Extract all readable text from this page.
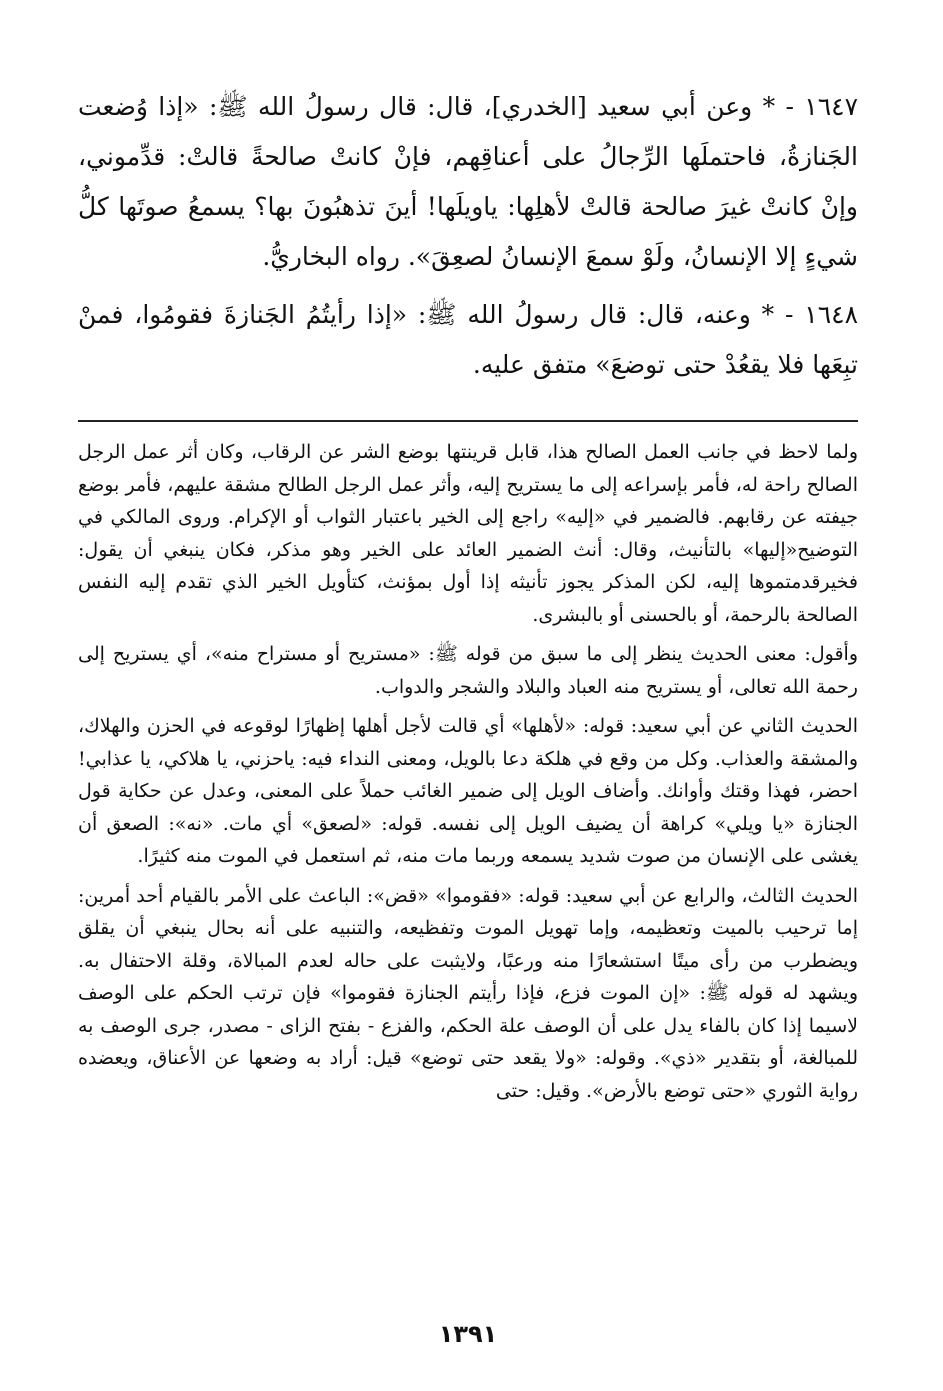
١٦٤٧ - * وعن أبي سعيد [الخدري]، قال: قال رسولُ الله ﷺ: «إذا وُضعت الجَنازةُ، فاحتملَها الرِّجالُ على أعناقِهم، فإنْ كانتْ صالحةً قالتْ: قدِّموني، وإنْ كانتْ غيرَ صالحة قالتْ لأهلِها: ياويلَها! أينَ تذهبُونَ بها؟ يسمعُ صوتَها كلُّ شيءٍ إلا الإنسانُ، ولَوْ سمعَ الإنسانُ لصعِقَ». رواه البخاريُّ.

١٦٤٨ - * وعنه، قال: قال رسولُ الله ﷺ: «إذا رأيتُمُ الجَنازةَ فقومُوا، فمنْ تبِعَها فلا يقعُدْ حتى توضعَ» متفق عليه.

ولما لاحظ في جانب العمل الصالح هذا، قابل قرينتها بوضع الشر عن الرقاب، وكان أثر عمل الرجل الصالح راحة له، فأمر بإسراعه إلى ما يستريح إليه، وأثر عمل الرجل الطالح مشقة عليهم، فأمر بوضع جيفته عن رقابهم. فالضمير في «إليه» راجع إلى الخير باعتبار الثواب أو الإكرام. وروى المالكي في التوضيح«إليها» بالتأنيث، وقال: أنث الضمير العائد على الخير وهو مذكر، فكان ينبغي أن يقول: فخيرقدمتموها إليه، لكن المذكر يجوز تأنيثه إذا أول بمؤنث، كتأويل الخير الذي تقدم إليه النفس الصالحة بالرحمة، أو بالحسنى أو بالبشرى.

وأقول: معنى الحديث ينظر إلى ما سبق من قوله ﷺ: «مستريح أو مستراح منه»، أي يستريح إلى رحمة الله تعالى، أو يستريح منه العباد والبلاد والشجر والدواب.

الحديث الثاني عن أبي سعيد: قوله: «لأهلها» أي قالت لأجل أهلها إظهارًا لوقوعه في الحزن والهلاك، والمشقة والعذاب. وكل من وقع في هلكة دعا بالويل، ومعنى النداء فيه: ياحزني، يا هلاكي، يا عذابي! احضر، فهذا وقتك وأوانك. وأضاف الويل إلى ضمير الغائب حملاً على المعنى، وعدل عن حكاية قول الجنازة «يا ويلي» كراهة أن يضيف الويل إلى نفسه. قوله: «لصعق» أي مات. «نه»: الصعق أن يغشى على الإنسان من صوت شديد يسمعه وربما مات منه، ثم استعمل في الموت منه كثيرًا.

الحديث الثالث، والرابع عن أبي سعيد: قوله: «فقوموا» «قض»: الباعث على الأمر بالقيام أحد أمرين: إما ترحيب بالميت وتعظيمه، وإما تهويل الموت وتفظيعه، والتنبيه على أنه بحال ينبغي أن يقلق ويضطرب من رأى ميتًا استشعارًا منه ورعبًا، ولايثبت على حاله لعدم المبالاة، وقلة الاحتفال به. ويشهد له قوله ﷺ: «إن الموت فزع، فإذا رأيتم الجنازة فقوموا» فإن ترتب الحكم على الوصف لاسيما إذا كان بالفاء يدل على أن الوصف علة الحكم، والفزع - بفتح الزاى - مصدر، جرى الوصف به للمبالغة، أو بتقدير «ذي». وقوله: «ولا يقعد حتى توضع» قيل: أراد به وضعها عن الأعناق، ويعضده رواية الثوري «حتى توضع بالأرض». وقيل: حتى

١٣٩١
